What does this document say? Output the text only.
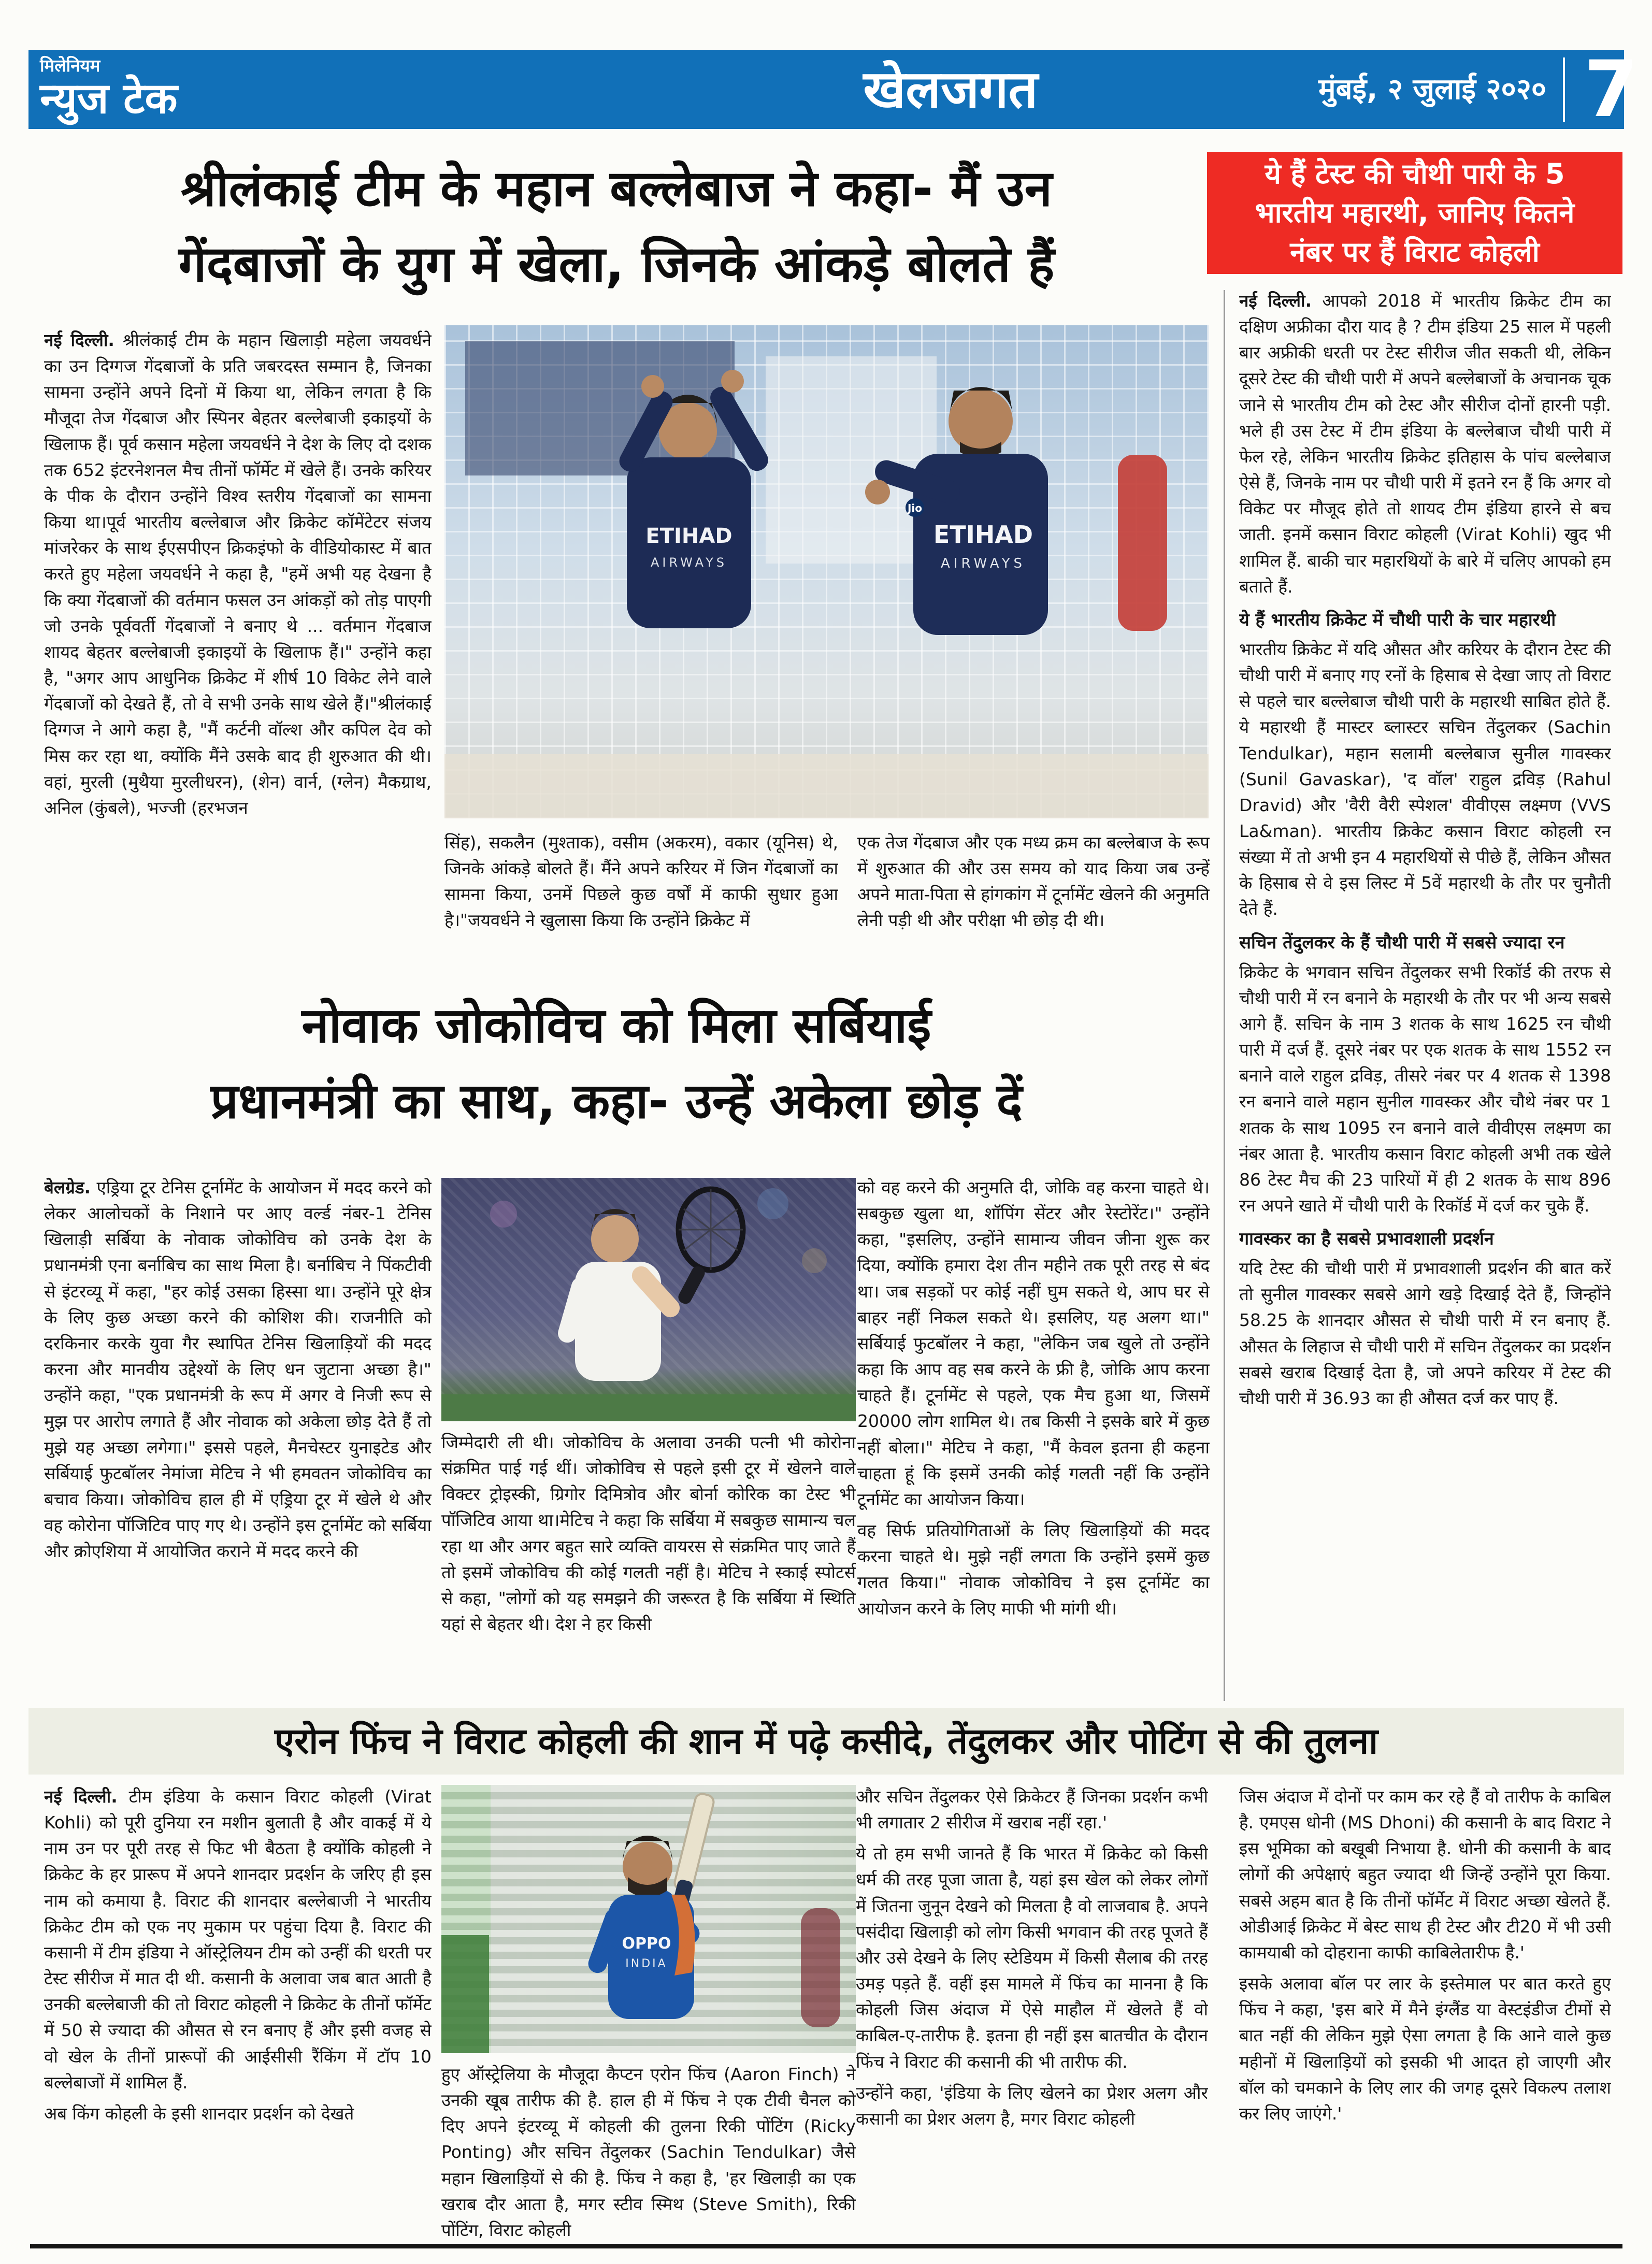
मिलेनियम
न्युज टेक	खेलजगत	मुंबई, २ जुलाई २०२० 7
श्रीलंकाई टीम के महान बल्लेबाज ने कहा- मैं उन
गेंदबाजों के युग में खेला, जिनके आंकड़े बोलते हैं
ये हैं टेस्ट की चौथी पारी के 5
भारतीय महारथी, जानिए कितने
नंबर पर हैं विराट कोहली

नई दिल्ली. आपको 2018 में भारतीय क्रिकेट टीम का दक्षिण अफ्रीका दौरा याद है ? टीम इंडिया 25 साल में पहली बार अफ्रीकी धरती पर टेस्ट सीरीज जीत सकती थी, लेकिन दूसरे टेस्ट की चौथी पारी में अपने बल्लेबाजों के अचानक चूक जाने से भारतीय टीम को टेस्ट और सीरीज दोनों हारनी पड़ी. भले ही उस टेस्ट में टीम इंडिया के बल्लेबाज चौथी पारी में फेल रहे, लेकिन भारतीय क्रिकेट इतिहास के पांच बल्लेबाज ऐसे हैं, जिनके नाम पर चौथी पारी में इतने रन हैं कि अगर वो विकेट पर मौजूद होते तो शायद टीम इंडिया हारने से बच जाती. इनमें कसान विराट कोहली (Virat Kohli) खुद भी शामिल हैं. बाकी चार महारथियों के बारे में चलिए आपको हम बताते हैं.

ये हैं भारतीय क्रिकेट में चौथी पारी के चार महारथी

भारतीय क्रिकेट में यदि औसत और करियर के दौरान टेस्ट की चौथी पारी में बनाए गए रनों के हिसाब से देखा जाए तो विराट से पहले चार बल्लेबाज चौथी पारी के महारथी साबित होते हैं. ये महारथी हैं मास्टर ब्लास्टर सचिन तेंदुलकर (Sachin Tendulkar), महान सलामी बल्लेबाज सुनील गावस्कर (Sunil Gavaskar), 'द वॉल' राहुल द्रविड़ (Rahul Dravid) और 'वैरी वैरी स्पेशल' वीवीएस लक्ष्मण (VVS La&man). भारतीय क्रिकेट कसान विराट कोहली रन संख्या में तो अभी इन 4 महारथियों से पीछे हैं, लेकिन औसत के हिसाब से वे इस लिस्ट में 5वें महारथी के तौर पर चुनौती देते हैं.

सचिन तेंदुलकर के हैं चौथी पारी में सबसे ज्यादा रन

क्रिकेट के भगवान सचिन तेंदुलकर सभी रिकॉर्ड की तरफ से चौथी पारी में रन बनाने के महारथी के तौर पर भी अन्य सबसे आगे हैं. सचिन के नाम 3 शतक के साथ 1625 रन चौथी पारी में दर्ज हैं. दूसरे नंबर पर एक शतक के साथ 1552 रन बनाने वाले राहुल द्रविड़, तीसरे नंबर पर 4 शतक से 1398 रन बनाने वाले महान सुनील गावस्कर और चौथे नंबर पर 1 शतक के साथ 1095 रन बनाने वाले वीवीएस लक्ष्मण का नंबर आता है. भारतीय कसान विराट कोहली अभी तक खेले 86 टेस्ट मैच की 23 पारियों में ही 2 शतक के साथ 896 रन अपने खाते में चौथी पारी के रिकॉर्ड में दर्ज कर चुके हैं.

गावस्कर का है सबसे प्रभावशाली प्रदर्शन

यदि टेस्ट की चौथी पारी में प्रभावशाली प्रदर्शन की बात करें तो सुनील गावस्कर सबसे आगे खड़े दिखाई देते हैं, जिन्होंने 58.25 के शानदार औसत से चौथी पारी में रन बनाए हैं. औसत के लिहाज से चौथी पारी में सचिन तेंदुलकर का प्रदर्शन सबसे खराब दिखाई देता है, जो अपने करियर में टेस्ट की चौथी पारी में 36.93 का ही औसत दर्ज कर पाए हैं.

नई दिल्ली. श्रीलंकाई टीम के महान खिलाड़ी महेला जयवर्धने का उन दिग्गज गेंदबाजों के प्रति जबरदस्त सम्मान है, जिनका सामना उन्होंने अपने दिनों में किया था, लेकिन लगता है कि मौजूदा तेज गेंदबाज और स्पिनर बेहतर बल्लेबाजी इकाइयों के खिलाफ हैं। पूर्व कसान महेला जयवर्धने ने देश के लिए दो दशक तक 652 इंटरनेशनल मैच तीनों फॉर्मेट में खेले हैं। उनके करियर के पीक के दौरान उन्होंने विश्व स्तरीय गेंदबाजों का सामना किया था।पूर्व भारतीय बल्लेबाज और क्रिकेट कॉमेंटेटर संजय मांजरेकर के साथ ईएसपीएन क्रिकइंफो के वीडियोकास्ट में बात करते हुए महेला जयवर्धने ने कहा है, "हमें अभी यह देखना है कि क्या गेंदबाजों की वर्तमान फसल उन आंकड़ों को तोड़ पाएगी जो उनके पूर्ववर्ती गेंदबाजों ने बनाए थे ... वर्तमान गेंदबाज शायद बेहतर बल्लेबाजी इकाइयों के खिलाफ हैं।" उन्होंने कहा है, "अगर आप आधुनिक क्रिकेट में शीर्ष 10 विकेट लेने वाले गेंदबाजों को देखते हैं, तो वे सभी उनके साथ खेले हैं।"श्रीलंकाई दिग्गज ने आगे कहा है, "मैं कर्टनी वॉल्श और कपिल देव को मिस कर रहा था, क्योंकि मैंने उसके बाद ही शुरुआत की थी। वहां, मुरली (मुथैया मुरलीधरन), (शेन) वार्न, (ग्लेन) मैकग्राथ, अनिल (कुंबले), भज्जी (हरभजन

ETIHAD
AIRWAYS
Jio
ETIHAD
AIRWAYS

सिंह), सकलैन (मुश्ताक), वसीम (अकरम), वकार (यूनिस) थे, जिनके आंकड़े बोलते हैं। मैंने अपने करियर में जिन गेंदबाजों का सामना किया, उनमें पिछले कुछ वर्षों में काफी सुधार हुआ है।"जयवर्धने ने खुलासा किया कि उन्होंने क्रिकेट में

एक तेज गेंदबाज और एक मध्य क्रम का बल्लेबाज के रूप में शुरुआत की और उस समय को याद किया जब उन्हें अपने माता-पिता से हांगकांग में टूर्नामेंट खेलने की अनुमति लेनी पड़ी थी और परीक्षा भी छोड़ दी थी।

नोवाक जोकोविच को मिला सर्बियाई
प्रधानमंत्री का साथ, कहा- उन्हें अकेला छोड़ दें

बेलग्रेड. एड्रिया टूर टेनिस टूर्नामेंट के आयोजन में मदद करने को लेकर आलोचकों के निशाने पर आए वर्ल्ड नंबर-1 टेनिस खिलाड़ी सर्बिया के नोवाक जोकोविच को उनके देश के प्रधानमंत्री एना बर्नाबिच का साथ मिला है। बर्नाबिच ने पिंकटीवी से इंटरव्यू में कहा, "हर कोई उसका हिस्सा था। उन्होंने पूरे क्षेत्र के लिए कुछ अच्छा करने की कोशिश की। राजनीति को दरकिनार करके युवा गैर स्थापित टेनिस खिलाड़ियों की मदद करना और मानवीय उद्देश्यों के लिए धन जुटाना अच्छा है।" उन्होंने कहा, "एक प्रधानमंत्री के रूप में अगर वे निजी रूप से मुझ पर आरोप लगाते हैं और नोवाक को अकेला छोड़ देते हैं तो मुझे यह अच्छा लगेगा।" इससे पहले, मैनचेस्टर युनाइटेड और सर्बियाई फुटबॉलर नेमांजा मेटिच ने भी हमवतन जोकोविच का बचाव किया। जोकोविच हाल ही में एड्रिया टूर में खेले थे और वह कोरोना पॉजिटिव पाए गए थे। उन्होंने इस टूर्नामेंट को सर्बिया और क्रोएशिया में आयोजित कराने में मदद करने की

जिम्मेदारी ली थी। जोकोविच के अलावा उनकी पत्नी भी कोरोना संक्रमित पाई गई थीं। जोकोविच से पहले इसी टूर में खेलने वाले विक्टर ट्रोइस्की, ग्रिगोर दिमित्रोव और बोर्ना कोरिक का टेस्ट भी पॉजिटिव आया था।मेटिच ने कहा कि सर्बिया में सबकुछ सामान्य चल रहा था और अगर बहुत सारे व्यक्ति वायरस से संक्रमित पाए जाते हैं तो इसमें जोकोविच की कोई गलती नहीं है। मेटिच ने स्काई स्पोटर्स से कहा, "लोगों को यह समझने की जरूरत है कि सर्बिया में स्थिति यहां से बेहतर थी। देश ने हर किसी

को वह करने की अनुमति दी, जोकि वह करना चाहते थे। सबकुछ खुला था, शॉपिंग सेंटर और रेस्टोरेंट।" उन्होंने कहा, "इसलिए, उन्होंने सामान्य जीवन जीना शुरू कर दिया, क्योंकि हमारा देश तीन महीने तक पूरी तरह से बंद था। जब सड़कों पर कोई नहीं घुम सकते थे, आप घर से बाहर नहीं निकल सकते थे। इसलिए, यह अलग था।" सर्बियाई फुटबॉलर ने कहा, "लेकिन जब खुले तो उन्होंने कहा कि आप वह सब करने के फ्री है, जोकि आप करना चाहते हैं। टूर्नामेंट से पहले, एक मैच हुआ था, जिसमें 20000 लोग शामिल थे। तब किसी ने इसके बारे में कुछ नहीं बोला।" मेटिच ने कहा, "मैं केवल इतना ही कहना चाहता हूं कि इसमें उनकी कोई गलती नहीं कि उन्होंने टूर्नामेंट का आयोजन किया।

वह सिर्फ प्रतियोगिताओं के लिए खिलाड़ियों की मदद करना चाहते थे। मुझे नहीं लगता कि उन्होंने इसमें कुछ गलत किया।" नोवाक जोकोविच ने इस टूर्नामेंट का आयोजन करने के लिए माफी भी मांगी थी।

एरोन फिंच ने विराट कोहली की शान में पढ़े कसीदे, तेंदुलकर और पोटिंग से की तुलना

नई दिल्ली. टीम इंडिया के कसान विराट कोहली (Virat Kohli) को पूरी दुनिया रन मशीन बुलाती है और वाकई में ये नाम उन पर पूरी तरह से फिट भी बैठता है क्योंकि कोहली ने क्रिकेट के हर प्रारूप में अपने शानदार प्रदर्शन के जरिए ही इस नाम को कमाया है. विराट की शानदार बल्लेबाजी ने भारतीय क्रिकेट टीम को एक नए मुकाम पर पहुंचा दिया है. विराट की कसानी में टीम इंडिया ने ऑस्ट्रेलियन टीम को उन्हीं की धरती पर टेस्ट सीरीज में मात दी थी. कसानी के अलावा जब बात आती है उनकी बल्लेबाजी की तो विराट कोहली ने क्रिकेट के तीनों फॉर्मेट में 50 से ज्यादा की औसत से रन बनाए हैं और इसी वजह से वो खेल के तीनों प्रारूपों की आईसीसी रैंकिंग में टॉप 10 बल्लेबाजों में शामिल हैं.

अब किंग कोहली के इसी शानदार प्रदर्शन को देखते

OPPO
INDIA

हुए ऑस्ट्रेलिया के मौजूदा कैप्टन एरोन फिंच (Aaron Finch) ने उनकी खूब तारीफ की है. हाल ही में फिंच ने एक टीवी चैनल को दिए अपने इंटरव्यू में कोहली की तुलना रिकी पोंटिंग (Ricky Ponting) और सचिन तेंदुलकर (Sachin Tendulkar) जैसे महान खिलाड़ियों से की है. फिंच ने कहा है, 'हर खिलाड़ी का एक खराब दौर आता है, मगर स्टीव स्मिथ (Steve Smith), रिकी पोंटिंग, विराट कोहली

और सचिन तेंदुलकर ऐसे क्रिकेटर हैं जिनका प्रदर्शन कभी भी लगातार 2 सीरीज में खराब नहीं रहा.'

ये तो हम सभी जानते हैं कि भारत में क्रिकेट को किसी धर्म की तरह पूजा जाता है, यहां इस खेल को लेकर लोगों में जितना जुनून देखने को मिलता है वो लाजवाब है. अपने पसंदीदा खिलाड़ी को लोग किसी भगवान की तरह पूजते हैं और उसे देखने के लिए स्टेडियम में किसी सैलाब की तरह उमड़ पड़ते हैं. वहीं इस मामले में फिंच का मानना है कि कोहली जिस अंदाज में ऐसे माहौल में खेलते हैं वो काबिल-ए-तारीफ है. इतना ही नहीं इस बातचीत के दौरान फिंच ने विराट की कसानी की भी तारीफ की.

उन्होंने कहा, 'इंडिया के लिए खेलने का प्रेशर अलग और कसानी का प्रेशर अलग है, मगर विराट कोहली

जिस अंदाज में दोनों पर काम कर रहे हैं वो तारीफ के काबिल है. एमएस धोनी (MS Dhoni) की कसानी के बाद विराट ने इस भूमिका को बखूबी निभाया है. धोनी की कसानी के बाद लोगों की अपेक्षाएं बहुत ज्यादा थी जिन्हें उन्होंने पूरा किया. सबसे अहम बात है कि तीनों फॉर्मेट में विराट अच्छा खेलते हैं. ओडीआई क्रिकेट में बेस्ट साथ ही टेस्ट और टी20 में भी उसी कामयाबी को दोहराना काफी काबिलेतारीफ है.'

इसके अलावा बॉल पर लार के इस्तेमाल पर बात करते हुए फिंच ने कहा, 'इस बारे में मैने इंग्लैंड या वेस्टइंडीज टीमों से बात नहीं की लेकिन मुझे ऐसा लगता है कि आने वाले कुछ महीनों में खिलाड़ियों को इसकी भी आदत हो जाएगी और बॉल को चमकाने के लिए लार की जगह दूसरे विकल्प तलाश कर लिए जाएंगे.'
